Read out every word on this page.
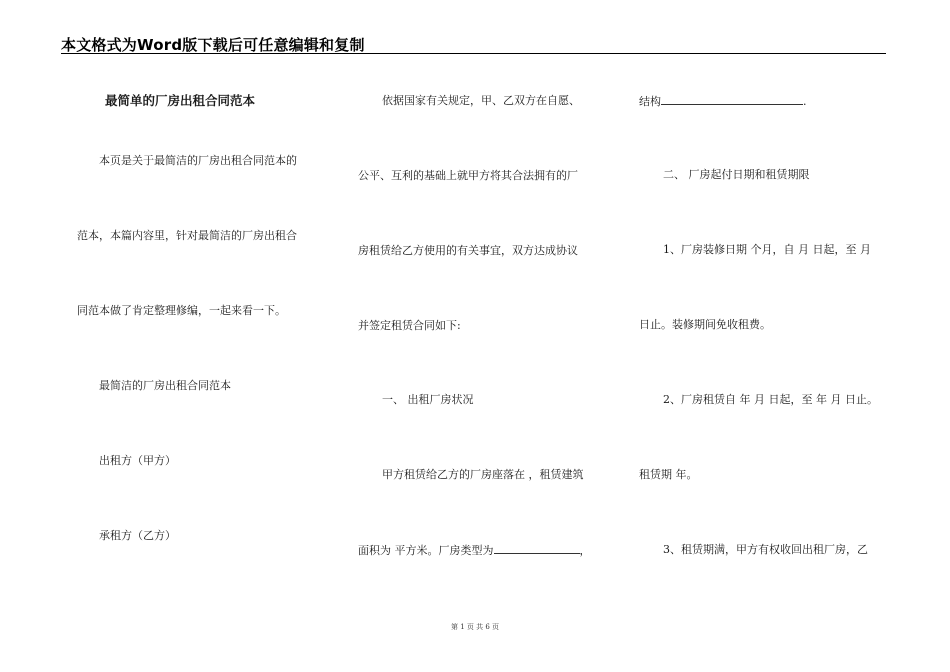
本文格式为Word版下载后可任意编辑和复制
最简单的厂房出租合同范本
本页是关于最简洁的厂房出租合同范本的
范本，本篇内容里，针对最简洁的厂房出租合
同范本做了肯定整理修编，一起来看一下。
最简洁的厂房出租合同范本
出租方（甲方）
承租方（乙方）
依据国家有关规定，甲、乙双方在自愿、
公平、互利的基础上就甲方将其合法拥有的厂
房租赁给乙方使用的有关事宜，双方达成协议
并签定租赁合同如下:
一、 出租厂房状况
甲方租赁给乙方的厂房座落在 ，租赁建筑
面积为 平方米。厂房类型为	，
结构	.
二、 厂房起付日期和租赁期限
1、厂房装修日期 个月，自 月 日起，至 月
日止。装修期间免收租费。
2、厂房租赁自 年 月 日起，至 年 月 日止。
租赁期 年。
3、租赁期满，甲方有权收回出租厂房，乙
第 1 页 共 6 页
